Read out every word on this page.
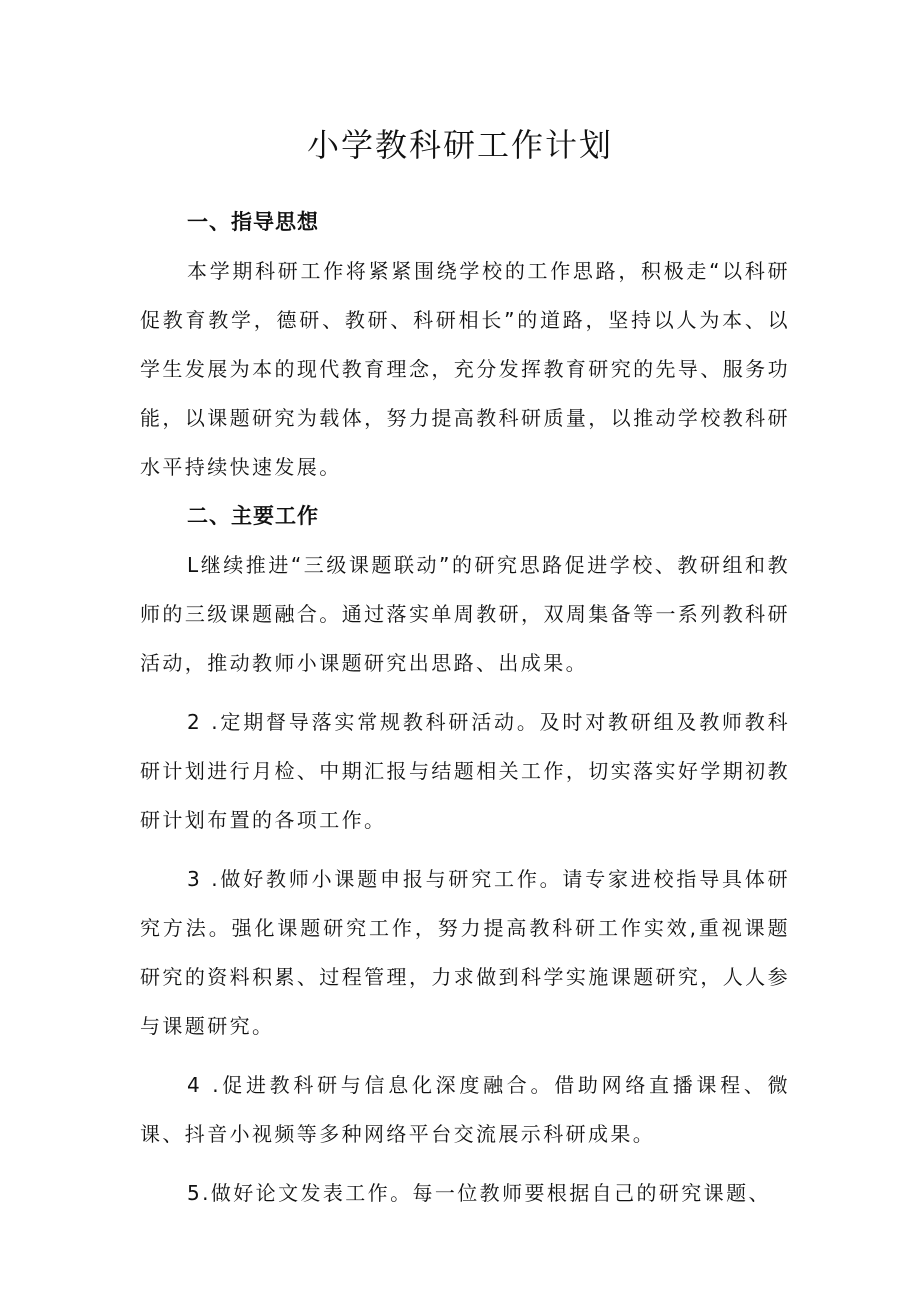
小学教科研工作计划
一、指导思想

本学期科研工作将紧紧围绕学校的工作思路，积极走“以科研促教育教学，德研、教研、科研相长”的道路，坚持以人为本、以学生发展为本的现代教育理念，充分发挥教育研究的先导、服务功能，以课题研究为载体，努力提高教科研质量，以推动学校教科研水平持续快速发展。

二、主要工作

L继续推进“三级课题联动”的研究思路促进学校、教研组和教师的三级课题融合。通过落实单周教研，双周集备等一系列教科研活动，推动教师小课题研究出思路、出成果。

2 .定期督导落实常规教科研活动。及时对教研组及教师教科研计划进行月检、中期汇报与结题相关工作，切实落实好学期初教研计划布置的各项工作。

3 .做好教师小课题申报与研究工作。请专家进校指导具体研究方法。强化课题研究工作，努力提高教科研工作实效,重视课题研究的资料积累、过程管理，力求做到科学实施课题研究，人人参与课题研究。

4 .促进教科研与信息化深度融合。借助网络直播课程、微课、抖音小视频等多种网络平台交流展示科研成果。

5.做好论文发表工作。每一位教师要根据自己的研究课题、
